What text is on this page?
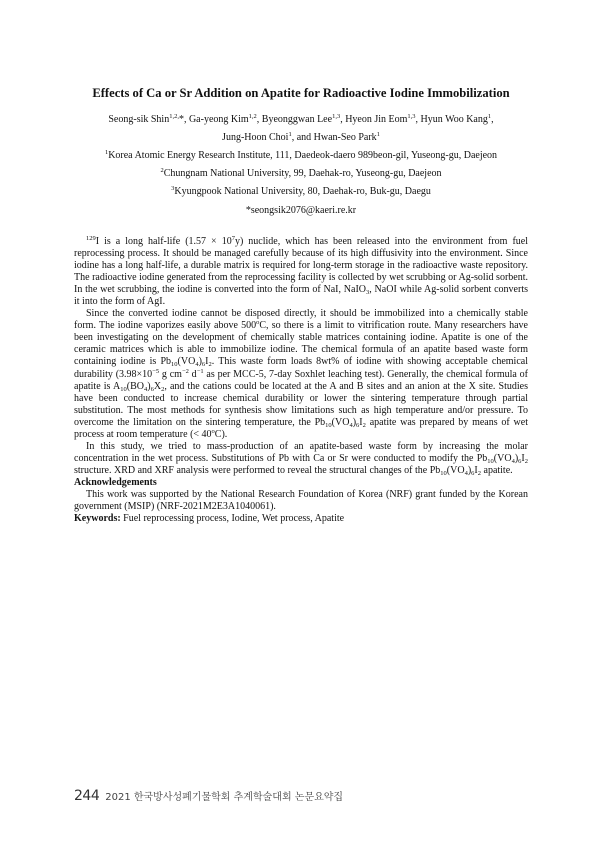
Effects of Ca or Sr Addition on Apatite for Radioactive Iodine Immobilization
Seong-sik Shin$^{1,2,}$*, Ga-yeong Kim$^{1,2}$, Byeonggwan Lee$^{1,3}$, Hyeon Jin Eom$^{1,3}$, Hyun Woo Kang$^1$,
Jung-Hoon Choi$^1$, and Hwan-Seo Park$^1$
$^1$Korea Atomic Energy Research Institute, 111, Daedeok-daero 989beon-gil, Yuseong-gu, Daejeon
$^2$Chungnam National University, 99, Daehak-ro, Yuseong-gu, Daejeon
$^3$Kyungpook National University, 80, Daehak-ro, Buk-gu, Daegu
*seongsik2076@kaeri.re.kr

$^{129}$I is a long half-life $(1.57 \times 10^7y)$ nuclide, which has been released into the environment from fuel reprocessing process. It should be managed carefully because of its high diffusivity into the environment. Since iodine has a long half-life, a durable matrix is required for long-term storage in the radioactive waste repository. The radioactive iodine generated from the reprocessing facility is collected by wet scrubbing or Ag-solid sorbent. In the wet scrubbing, the iodine is converted into the form of NaI, NaIO$_3$, NaOI while Ag-solid sorbent converts it into the form of AgI.

Since the converted iodine cannot be disposed directly, it should be immobilized into a chemically stable form. The iodine vaporizes easily above 500$^o$C, so there is a limit to vitrification route. Many researchers have been investigating on the development of chemically stable matrices containing iodine. Apatite is one of the ceramic matrices which is able to immobilize iodine. The chemical formula of an apatite based waste form containing iodine is $Pb_{10}(VO_4)_6I_2$. This waste form loads 8wt% of iodine with showing acceptable chemical durability ($3.98\times 10^{-5}$ g $cm^{-2}$ $d^{-1}$ as per MCC-5, 7-day Soxhlet leaching test). Generally, the chemical formula of apatite is $A_{10}(BO_4)_6X_2$, and the cations could be located at the A and B sites and an anion at the X site. Studies have been conducted to increase chemical durability or lower the sintering temperature through partial substitution. The most methods for synthesis show limitations such as high temperature and/or pressure. To overcome the limitation on the sintering temperature, the $Pb_{10}(VO_4)_6I_2$ apatite was prepared by means of wet process at room temperature (< $40^oC$).

In this study, we tried to mass-production of an apatite-based waste form by increasing the molar concentration in the wet process. Substitutions of Pb with Ca or Sr were conducted to modify the $Pb_{10}(VO_4)_6I_2$ structure. XRD and XRF analysis were performed to reveal the structural changes of the $Pb_{10}(VO_4)_6I_2$ apatite.

Acknowledgements

This work was supported by the National Research Foundation of Korea (NRF) grant funded by the Korean government (MSIP) (NRF-2021M2E3A1040061).

Keywords: Fuel reprocessing process, Iodine, Wet process, Apatite

244 2021 한국방사성폐기물학회 추계학술대회 논문요약집
